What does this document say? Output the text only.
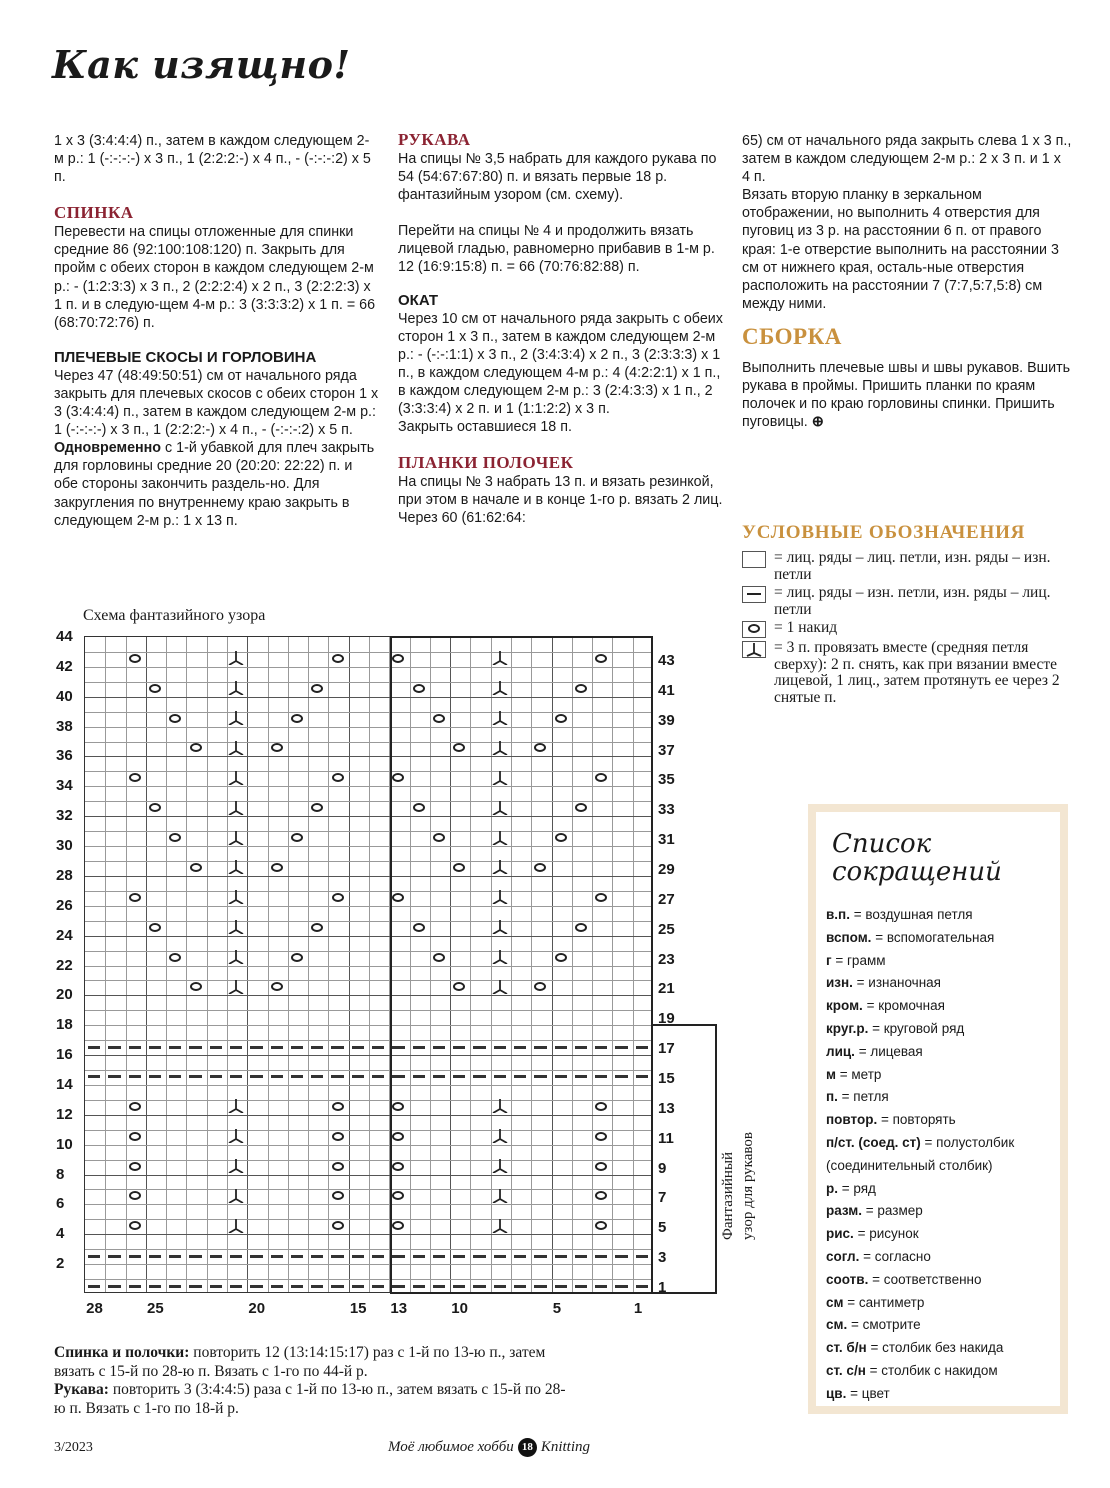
Как изящно!

1 х 3 (3:4:4:4) п., затем в каждом следующем 2-м р.: 1 (-:-:-:-) х 3 п., 1 (2:2:2:-) х 4 п., - (-:-:-:2) х 5 п.

СПИНКА

Перевести на спицы отложенные для спинки средние 86 (92:100:108:120) п. Закрыть для пройм с обеих сторон в каждом следующем 2-м р.: - (1:2:3:3) х 3 п., 2 (2:2:2:4) х 2 п., 3 (2:2:2:3) х 1 п. и в следую-щем 4-м р.: 3 (3:3:3:2) х 1 п. = 66 (68:70:72:76) п.

ПЛЕЧЕВЫЕ СКОСЫ И ГОРЛОВИНА

Через 47 (48:49:50:51) см от начального ряда закрыть для плечевых скосов с обеих сторон 1 х 3 (3:4:4:4) п., затем в каждом следующем 2-м р.: 1 (-:-:-:-) х 3 п., 1 (2:2:2:-) х 4 п., - (-:-:-:2) х 5 п.

Одновременно с 1-й убавкой для плеч закрыть для горловины средние 20 (20:20: 22:22) п. и обе стороны закончить раздель-но. Для закругления по внутреннему краю закрыть в следующем 2-м р.: 1 х 13 п.

РУКАВА

На спицы № 3,5 набрать для каждого рукава по 54 (54:67:67:80) п. и вязать первые 18 р. фантазийным узором (см. схему).

Перейти на спицы № 4 и продолжить вязать лицевой гладью, равномерно прибавив в 1-м р. 12 (16:9:15:8) п. = 66 (70:76:82:88) п.

ОКАТ

Через 10 см от начального ряда закрыть с обеих сторон 1 х 3 п., затем в каждом следующем 2-м р.: - (-:-:1:1) х 3 п., 2 (3:4:3:4) х 2 п., 3 (2:3:3:3) х 1 п., в каждом следующем 4-м р.: 4 (4:2:2:1) х 1 п., в каждом следующем 2-м р.: 3 (2:4:3:3) х 1 п., 2 (3:3:3:4) х 2 п. и 1 (1:1:2:2) х 3 п.

Закрыть оставшиеся 18 п.

ПЛАНКИ ПОЛОЧЕК

На спицы № 3 набрать 13 п. и вязать резинкой, при этом в начале и в конце 1-го р. вязать 2 лиц. Через 60 (61:62:64:

65) см от начального ряда закрыть слева 1 х 3 п., затем в каждом следующем 2-м р.: 2 х 3 п. и 1 х 4 п.

Вязать вторую планку в зеркальном отображении, но выполнить 4 отверстия для пуговиц из 3 р. на расстоянии 6 п. от правого края: 1-е отверстие выполнить на расстоянии 3 см от нижнего края, осталь-ные отверстия расположить на расстоянии 7 (7:7,5:7,5:8) см между ними.

СБОРКА

Выполнить плечевые швы и швы рукавов. Вшить рукава в проймы. Пришить планки по краям полочек и по краю горловины спинки. Пришить пуговицы. ⊕

УСЛОВНЫЕ ОБОЗНАЧЕНИЯ
= лиц. ряды – лиц. петли, изн. ряды – изн. петли
= лиц. ряды – изн. петли, изн. ряды – лиц. петли
= 1 накид
= 3 п. провязать вместе (средняя петля сверху): 2 п. снять, как при вязании вместе лицевой, 1 лиц., затем протянуть ее через 2 снятые п.
Схема фантазийного узора
44
42
40
38
36
34
32
30
28
26
24
22
20
18
16
14
12
10
8
6
4
2
43
41
39
37
35
33
31
29
27
25
23
21
19
17
15
13
11
9
7
5
3
1
28	25	20	15 13	10	5	1
Фантазийный узор для рукавов
Спинка и полочки: повторить 12 (13:14:15:17) раз с 1-й по 13-ю п., затем вязать с 15-й по 28-ю п. Вязать с 1-го по 44-й р.
Рукава: повторить 3 (3:4:4:5) раза с 1-й по 13-ю п., затем вязать с 15-й по 28-ю п. Вязать с 1-го по 18-й р.
Список
сокращений
в.п. = воздушная петля
вспом. = вспомогательная
г = грамм
изн. = изнаночная
кром. = кромочная
круг.р. = круговой ряд
лиц. = лицевая
м = метр
п. = петля
повтор. = повторять
п/ст. (соед. ст) = полустолбик
(соединительный столбик)
р. = ряд
разм. = размер
рис. = рисунок
согл. = согласно
соотв. = соответственно
см = сантиметр
см. = смотрите
ст. б/н = столбик без накида
ст. с/н = столбик с накидом
цв. = цвет
3/2023	Моё любимое хобби 18 Knitting
